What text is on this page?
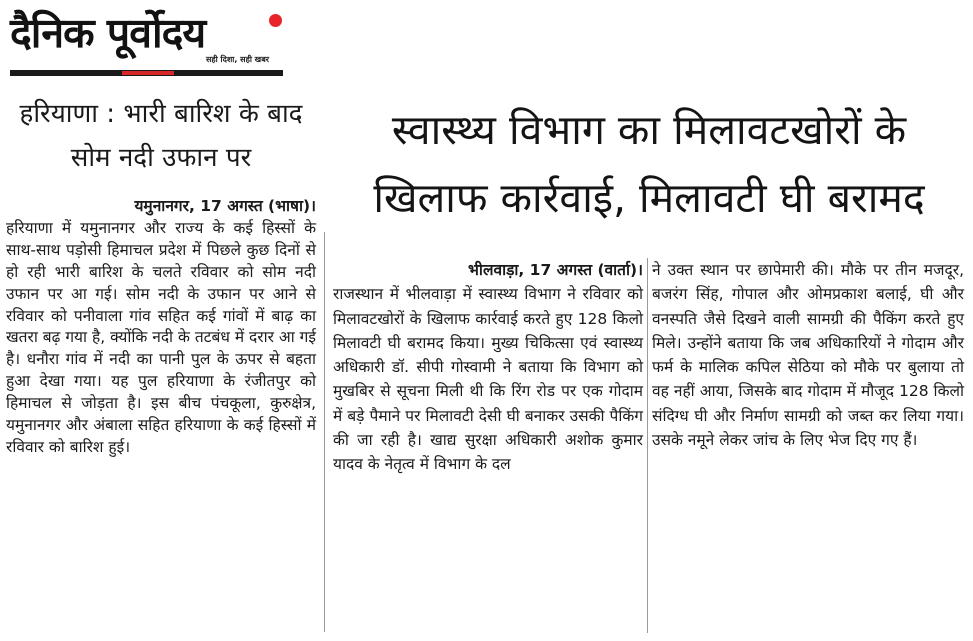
दैनिक पूर्वोदय
सही दिशा, सही खबर
हरियाणा : भारी बारिश के बाद सोम नदी उफान पर

यमुनानगर, 17 अगस्त (भाषा)।

हरियाणा में यमुनानगर और राज्य के कई हिस्सों के साथ-साथ पड़ोसी हिमाचल प्रदेश में पिछले कुछ दिनों से हो रही भारी बारिश के चलते रविवार को सोम नदी उफान पर आ गई। सोम नदी के उफान पर आने से रविवार को पनीवाला गांव सहित कई गांवों में बाढ़ का खतरा बढ़ गया है, क्योंकि नदी के तटबंध में दरार आ गई है। धनौरा गांव में नदी का पानी पुल के ऊपर से बहता हुआ देखा गया। यह पुल हरियाणा के रंजीतपुर को हिमाचल से जोड़ता है। इस बीच पंचकूला, कुरुक्षेत्र, यमुनानगर और अंबाला सहित हरियाणा के कई हिस्सों में रविवार को बारिश हुई।

स्वास्थ्य विभाग का मिलावटखोरों के खिलाफ कार्रवाई, मिलावटी घी बरामद

भीलवाड़ा, 17 अगस्त (वार्ता)।

राजस्थान में भीलवाड़ा में स्वास्थ्य विभाग ने रविवार को मिलावटखोरों के खिलाफ कार्रवाई करते हुए 128 किलो मिलावटी घी बरामद किया। मुख्य चिकित्सा एवं स्वास्थ्य अधिकारी डॉ. सीपी गोस्वामी ने बताया कि विभाग को मुखबिर से सूचना मिली थी कि रिंग रोड पर एक गोदाम में बड़े पैमाने पर मिलावटी देसी घी बनाकर उसकी पैकिंग की जा रही है। खाद्य सुरक्षा अधिकारी अशोक कुमार यादव के नेतृत्व में विभाग के दल

ने उक्त स्थान पर छापेमारी की। मौके पर तीन मजदूर, बजरंग सिंह, गोपाल और ओमप्रकाश बलाई, घी और वनस्पति जैसे दिखने वाली सामग्री की पैकिंग करते हुए मिले। उन्होंने बताया कि जब अधिकारियों ने गोदाम और फर्म के मालिक कपिल सेठिया को मौके पर बुलाया तो वह नहीं आया, जिसके बाद गोदाम में मौजूद 128 किलो संदिग्ध घी और निर्माण सामग्री को जब्त कर लिया गया। उसके नमूने लेकर जांच के लिए भेज दिए गए हैं।
